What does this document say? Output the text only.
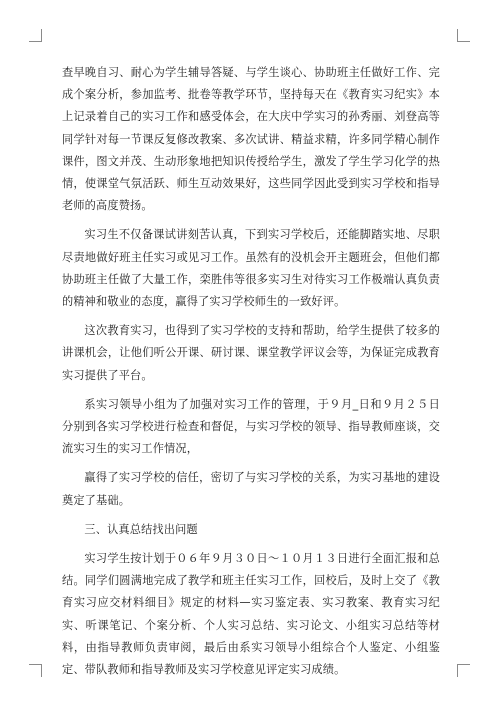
查早晚自习、耐心为学生辅导答疑、与学生谈心、协助班主任做好工作、完成个案分析，参加监考、批卷等教学环节，坚持每天在《教育实习纪实》本上记录着自己的实习工作和感受体会，在大庆中学实习的孙秀丽、刘登高等同学针对每一节课反复修改教案、多次试讲、精益求精，许多同学精心制作课件，图文并茂、生动形象地把知识传授给学生，激发了学生学习化学的热情，使课堂气氛活跃、师生互动效果好，这些同学因此受到实习学校和指导老师的高度赞扬。

实习生不仅备课试讲刻苦认真，下到实习学校后，还能脚踏实地、尽职尽责地做好班主任实习或见习工作。虽然有的没机会开主题班会，但他们都协助班主任做了大量工作，栾胜伟等很多实习生对待实习工作极端认真负责的精神和敬业的态度，赢得了实习学校师生的一致好评。

这次教育实习，也得到了实习学校的支持和帮助，给学生提供了较多的讲课机会，让他们听公开课、研讨课、课堂教学评议会等，为保证完成教育实习提供了平台。

系实习领导小组为了加强对实习工作的管理，于９月_日和９月２５日分别到各实习学校进行检查和督促，与实习学校的领导、指导教师座谈，交流实习生的实习工作情况，

赢得了实习学校的信任，密切了与实习学校的关系，为实习基地的建设奠定了基础。

三、认真总结找出问题

实习学生按计划于０６年９月３０日～１０月１３日进行全面汇报和总结。同学们圆满地完成了教学和班主任实习工作，回校后，及时上交了《教育实习应交材料细目》规定的材料—实习鉴定表、实习教案、教育实习纪实、听课笔记、个案分析、个人实习总结、实习论文、小组实习总结等材料，由指导教师负责审阅，最后由系实习领导小组综合个人鉴定、小组鉴定、带队教师和指导教师及实习学校意见评定实习成绩。
